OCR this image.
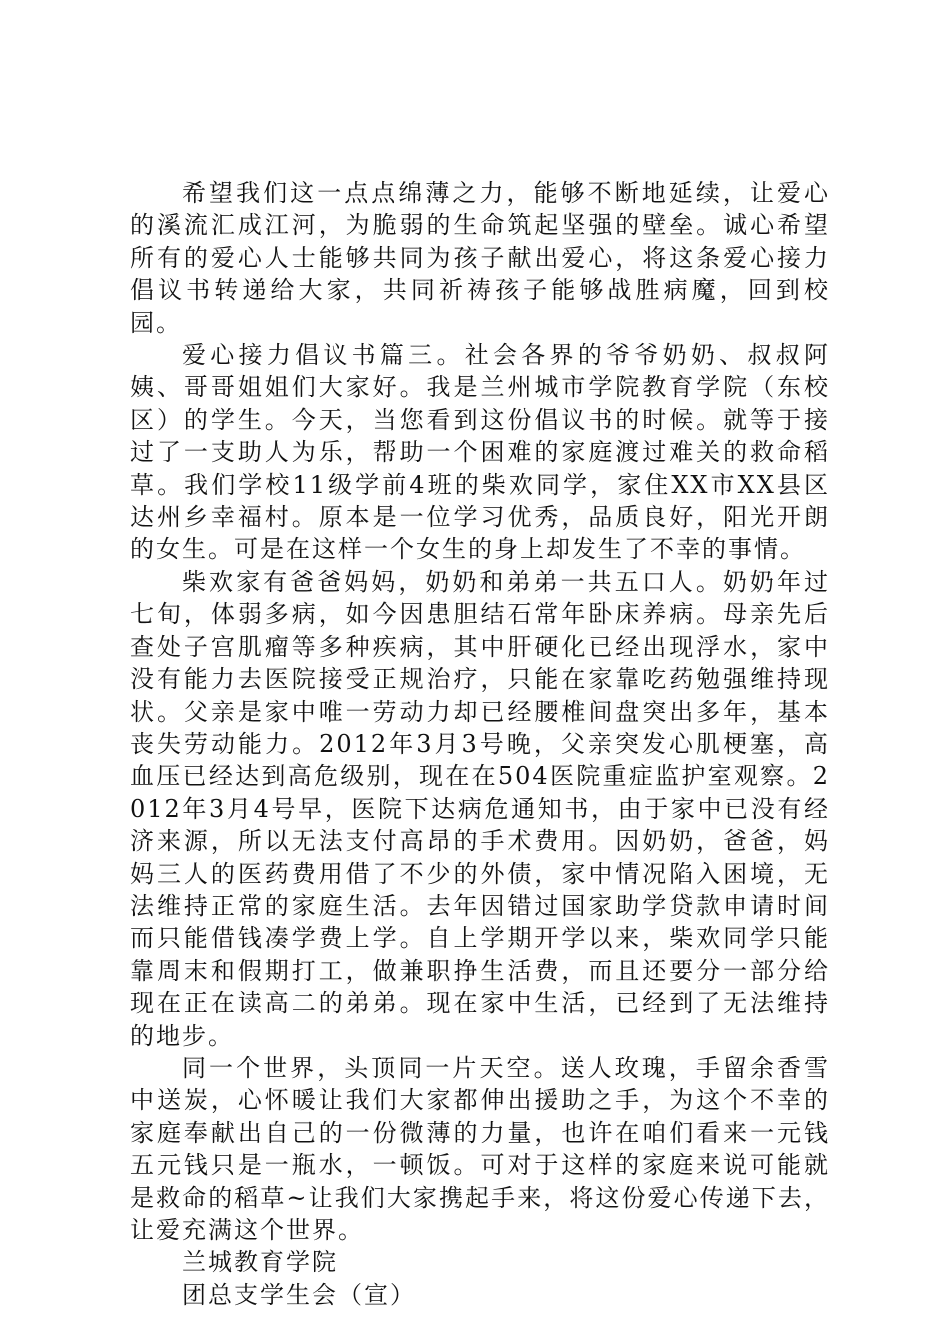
希望我们这一点点绵薄之力，能够不断地延续，让爱心的溪流汇成江河，为脆弱的生命筑起坚强的壁垒。诚心希望所有的爱心人士能够共同为孩子献出爱心，将这条爱心接力倡议书转递给大家，共同祈祷孩子能够战胜病魔，回到校园。

爱心接力倡议书篇三。社会各界的爷爷奶奶、叔叔阿姨、哥哥姐姐们大家好。我是兰州城市学院教育学院（东校区）的学生。今天，当您看到这份倡议书的时候。就等于接过了一支助人为乐，帮助一个困难的家庭渡过难关的救命稻草。我们学校11级学前4班的柴欢同学，家住XX市XX县区达州乡幸福村。原本是一位学习优秀，品质良好，阳光开朗的女生。可是在这样一个女生的身上却发生了不幸的事情。

柴欢家有爸爸妈妈，奶奶和弟弟一共五口人。奶奶年过七旬，体弱多病，如今因患胆结石常年卧床养病。母亲先后查处子宫肌瘤等多种疾病，其中肝硬化已经出现浮水，家中没有能力去医院接受正规治疗，只能在家靠吃药勉强维持现状。父亲是家中唯一劳动力却已经腰椎间盘突出多年，基本丧失劳动能力。2012年3月3号晚，父亲突发心肌梗塞，高血压已经达到高危级别，现在在504医院重症监护室观察。2012年3月4号早，医院下达病危通知书，由于家中已没有经济来源，所以无法支付高昂的手术费用。因奶奶，爸爸，妈妈三人的医药费用借了不少的外债，家中情况陷入困境，无法维持正常的家庭生活。去年因错过国家助学贷款申请时间而只能借钱凑学费上学。自上学期开学以来，柴欢同学只能靠周末和假期打工，做兼职挣生活费，而且还要分一部分给现在正在读高二的弟弟。现在家中生活，已经到了无法维持的地步。

同一个世界，头顶同一片天空。送人玫瑰，手留余香雪中送炭，心怀暖让我们大家都伸出援助之手，为这个不幸的家庭奉献出自己的一份微薄的力量，也许在咱们看来一元钱五元钱只是一瓶水，一顿饭。可对于这样的家庭来说可能就是救命的稻草~让我们大家携起手来，将这份爱心传递下去，让爱充满这个世界。

兰城教育学院

团总支学生会（宣）
